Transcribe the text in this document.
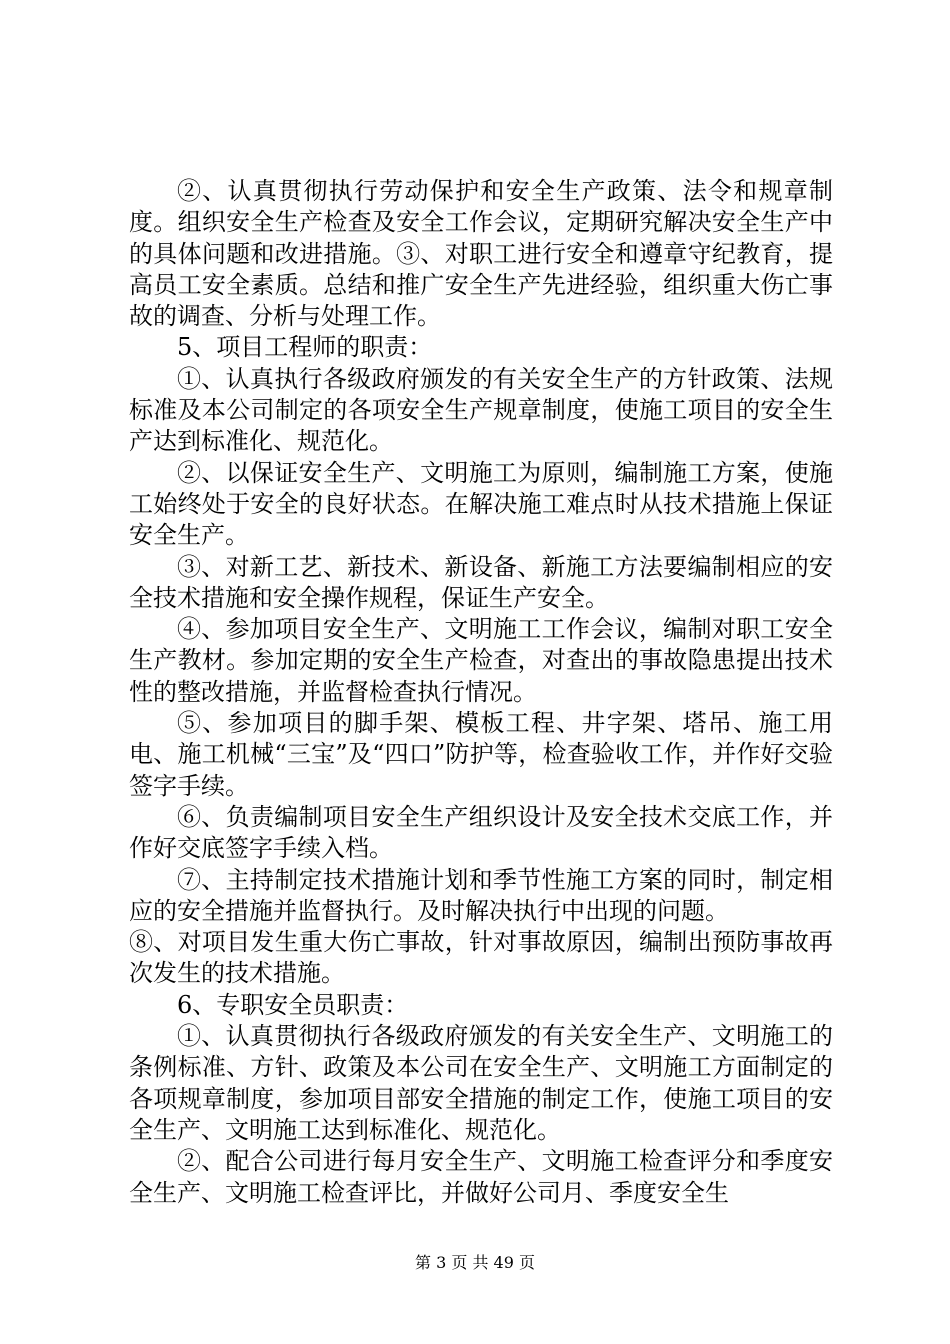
②、认真贯彻执行劳动保护和安全生产政策、法令和规章制度。组织安全生产检查及安全工作会议，定期研究解决安全生产中的具体问题和改进措施。③、对职工进行安全和遵章守纪教育，提高员工安全素质。总结和推广安全生产先进经验，组织重大伤亡事故的调查、分析与处理工作。

5、项目工程师的职责：

①、认真执行各级政府颁发的有关安全生产的方针政策、法规标准及本公司制定的各项安全生产规章制度，使施工项目的安全生产达到标准化、规范化。

②、以保证安全生产、文明施工为原则，编制施工方案，使施工始终处于安全的良好状态。在解决施工难点时从技术措施上保证安全生产。

③、对新工艺、新技术、新设备、新施工方法要编制相应的安全技术措施和安全操作规程，保证生产安全。

④、参加项目安全生产、文明施工工作会议，编制对职工安全生产教材。参加定期的安全生产检查，对查出的事故隐患提出技术性的整改措施，并监督检查执行情况。

⑤、参加项目的脚手架、模板工程、井字架、塔吊、施工用电、施工机械“三宝”及“四口”防护等，检查验收工作，并作好交验签字手续。

⑥、负责编制项目安全生产组织设计及安全技术交底工作，并作好交底签字手续入档。

⑦、主持制定技术措施计划和季节性施工方案的同时，制定相应的安全措施并监督执行。及时解决执行中出现的问题。

⑧、对项目发生重大伤亡事故，针对事故原因，编制出预防事故再次发生的技术措施。

6、专职安全员职责：

①、认真贯彻执行各级政府颁发的有关安全生产、文明施工的条例标准、方针、政策及本公司在安全生产、文明施工方面制定的各项规章制度，参加项目部安全措施的制定工作，使施工项目的安全生产、文明施工达到标准化、规范化。

②、配合公司进行每月安全生产、文明施工检查评分和季度安全生产、文明施工检查评比，并做好公司月、季度安全生

第 3 页 共 49 页
